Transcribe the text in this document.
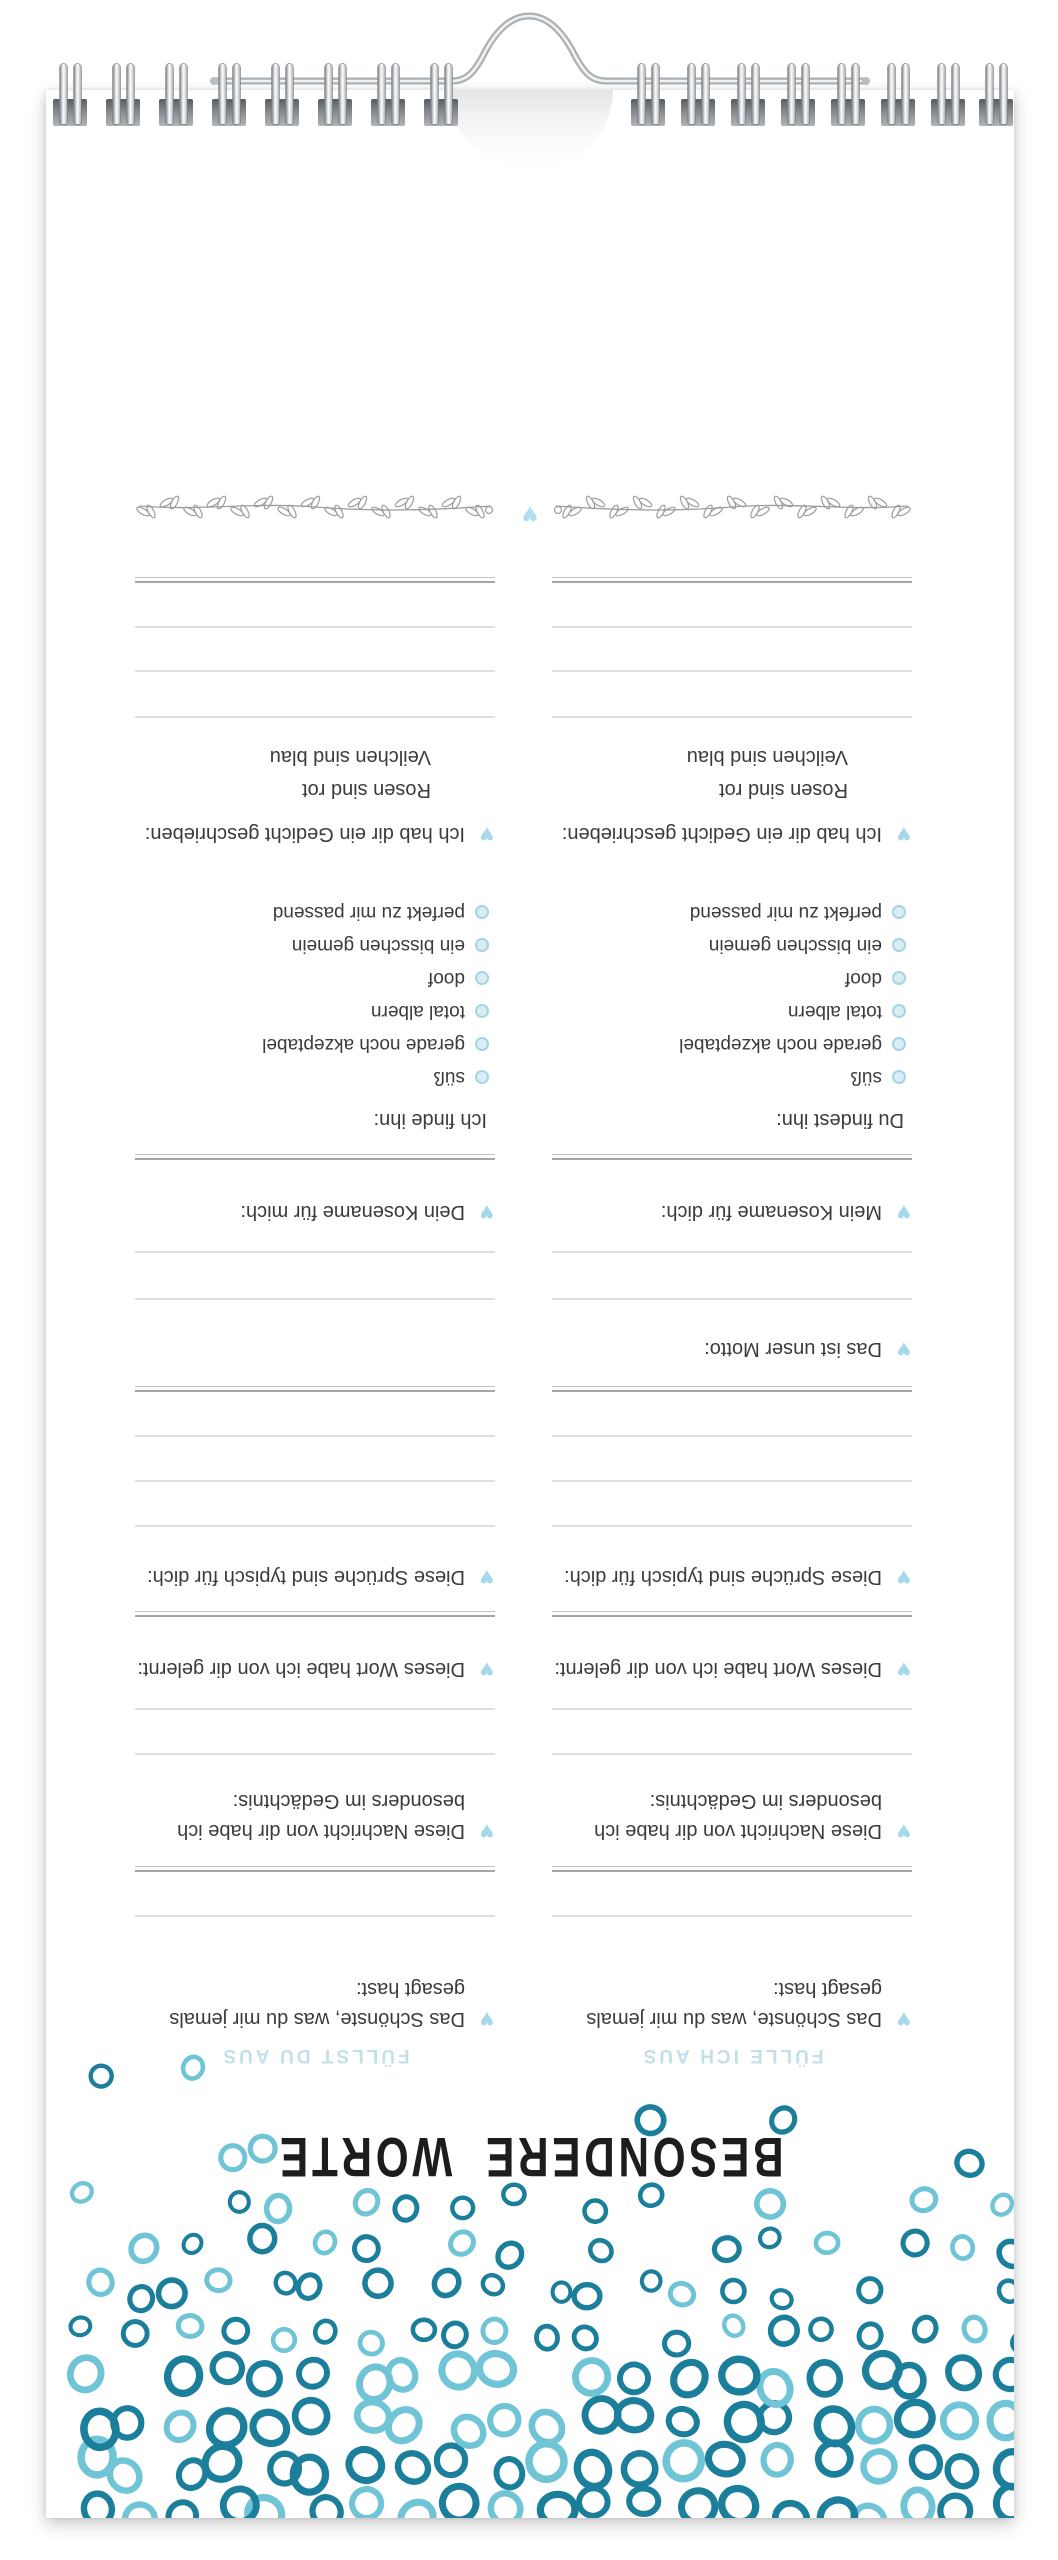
BESONDERE WORTE
FÜLLE ICH AUS
♥
Das Schönste, was du mir jemals gesagt hast:
♥
Diese Nachricht von dir habe ich besonders im Gedächtnis:
♥
Dieses Wort habe ich von dir gelernt:
♥
Diese Sprüche sind typisch für dich:
♥
Das ist unser Motto:
♥
Mein Kosename für dich:
Du findest ihn:
süß
gerade noch akzeptabel
total albern
doof
ein bisschen gemein
perfekt zu mir passend
♥
Ich hab dir ein Gedicht geschrieben:
Rosen sind rot
Veilchen sind blau
FÜLLST DU AUS
♥
Das Schönste, was du mir jemals gesagt hast:
♥
Diese Nachricht von dir habe ich besonders im Gedächtnis:
♥
Dieses Wort habe ich von dir gelernt:
♥
Diese Sprüche sind typisch für dich:
♥
Dein Kosename für mich:
Ich finde ihn:
süß
gerade noch akzeptabel
total albern
doof
ein bisschen gemein
perfekt zu mir passend
♥
Ich hab dir ein Gedicht geschrieben:
Rosen sind rot
Veilchen sind blau
♥
